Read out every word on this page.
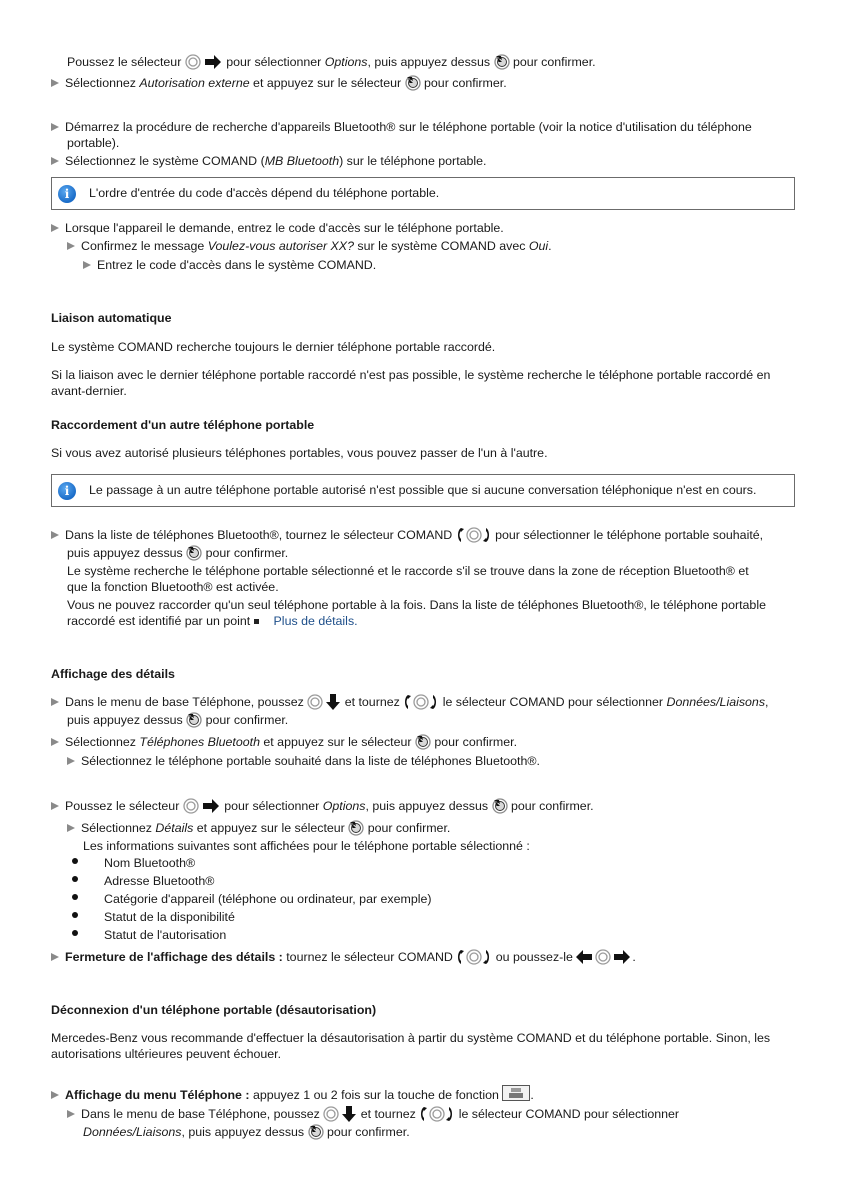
Poussez le sélecteur	pour sélectionner Options, puis appuyez dessus  pour confirmer.
Sélectionnez Autorisation externe et appuyez sur le sélecteur  pour confirmer.
Démarrez la procédure de recherche d'appareils Bluetooth® sur le téléphone portable (voir la notice d'utilisation du téléphone
portable).
Sélectionnez le système COMAND (MB Bluetooth) sur le téléphone portable.
i	L'ordre d'entrée du code d'accès dépend du téléphone portable.
Lorsque l'appareil le demande, entrez le code d'accès sur le téléphone portable.
Confirmez le message Voulez-vous autoriser XX? sur le système COMAND avec Oui.
Entrez le code d'accès dans le système COMAND.
Liaison automatique
Le système COMAND recherche toujours le dernier téléphone portable raccordé.
Si la liaison avec le dernier téléphone portable raccordé n'est pas possible, le système recherche le téléphone portable raccordé en
avant-dernier.
Raccordement d'un autre téléphone portable
Si vous avez autorisé plusieurs téléphones portables, vous pouvez passer de l'un à l'autre.
i	Le passage à un autre téléphone portable autorisé n'est possible que si aucune conversation téléphonique n'est en cours.
Dans la liste de téléphones Bluetooth®, tournez le sélecteur COMAND	pour sélectionner le téléphone portable souhaité,
puis appuyez dessus  pour confirmer.
Le système recherche le téléphone portable sélectionné et le raccorde s'il se trouve dans la zone de réception Bluetooth® et
que la fonction Bluetooth® est activée.
Vous ne pouvez raccorder qu'un seul téléphone portable à la fois. Dans la liste de téléphones Bluetooth®, le téléphone portable
raccordé est identifié par un point Plus de détails.
Affichage des détails
Dans le menu de base Téléphone, poussez	et tournez	le sélecteur COMAND pour sélectionner Données/Liaisons,
puis appuyez dessus  pour confirmer.
Sélectionnez Téléphones Bluetooth et appuyez sur le sélecteur  pour confirmer.
Sélectionnez le téléphone portable souhaité dans la liste de téléphones Bluetooth®.
Poussez le sélecteur	pour sélectionner Options, puis appuyez dessus  pour confirmer.
Sélectionnez Détails et appuyez sur le sélecteur  pour confirmer.
Les informations suivantes sont affichées pour le téléphone portable sélectionné :
Nom Bluetooth®
Adresse Bluetooth®
Catégorie d'appareil (téléphone ou ordinateur, par exemple)
Statut de la disponibilité
Statut de l'autorisation
Fermeture de l'affichage des détails : tournez le sélecteur COMAND	ou poussez-le	.
Déconnexion d'un téléphone portable (désautorisation)
Mercedes-Benz vous recommande d'effectuer la désautorisation à partir du système COMAND et du téléphone portable. Sinon, les
autorisations ultérieures peuvent échouer.
Affichage du menu Téléphone : appuyez 1 ou 2 fois sur la touche de fonction .
Dans le menu de base Téléphone, poussez	et tournez	le sélecteur COMAND pour sélectionner
Données/Liaisons, puis appuyez dessus  pour confirmer.
